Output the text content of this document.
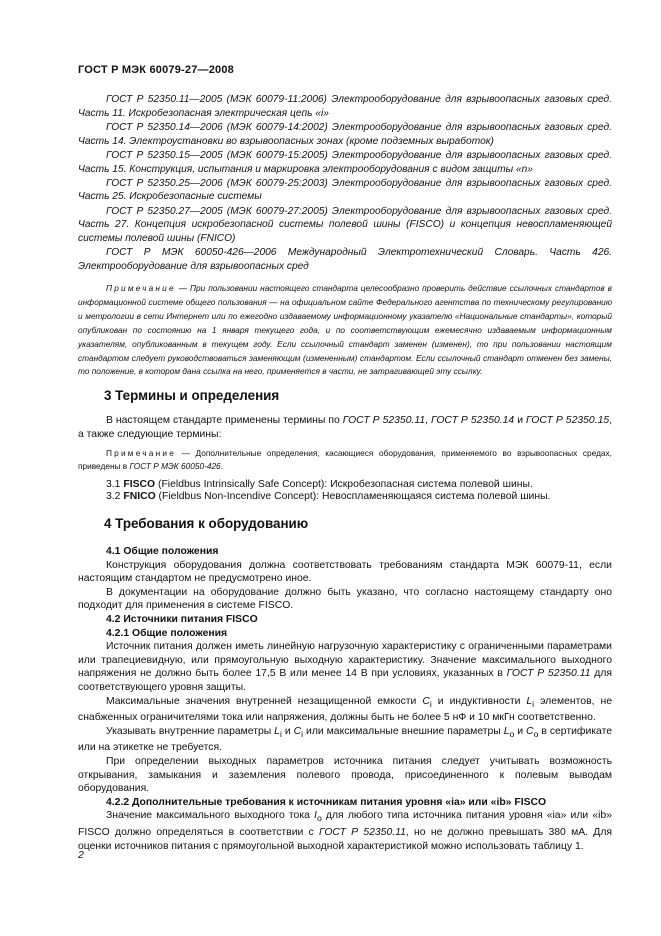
ГОСТ Р МЭК 60079-27—2008

ГОСТ Р 52350.11—2005 (МЭК 60079-11:2006) Электрооборудование для взрывоопасных газовых сред. Часть 11. Искробезопасная электрическая цепь «i»

ГОСТ Р 52350.14—2006 (МЭК 60079-14:2002) Электрооборудование для взрывоопасных газовых сред. Часть 14. Электроустановки во взрывоопасных зонах (кроме подземных выработок)

ГОСТ Р 52350.15—2005 (МЭК 60079-15:2005) Электрооборудование для взрывоопасных газовых сред. Часть 15. Конструкция, испытания и маркировка электрооборудования с видом защиты «n»

ГОСТ Р 52350.25—2006 (МЭК 60079-25:2003) Электрооборудование для взрывоопасных газовых сред. Часть 25. Искробезопасные системы

ГОСТ Р 52350.27—2005 (МЭК 60079-27:2005) Электрооборудование для взрывоопасных газовых сред. Часть 27. Концепция искробезопасной системы полевой шины (FISCO) и концепция невоспламеняющей системы полевой шины (FNICO)

ГОСТ Р МЭК 60050-426—2006 Международный Электротехнический Словарь. Часть 426. Электрооборудование для взрывоопасных сред

Примечание — При пользовании настоящего стандарта целесообразно проверить действие ссылочных стандартов в информационной системе общего пользования — на официальном сайте Федерального агентства по техническому регулированию и метрологии в сети Интернет или по ежегодно издаваемому информационному указателю «Национальные стандарты», который опубликован по состоянию на 1 января текущего года, и по соответствующим ежемесячно издаваемым информационным указателям, опубликованным в текущем году. Если ссылочный стандарт заменен (изменен), то при пользовании настоящим стандартом следует руководствоваться заменяющим (измененным) стандартом. Если ссылочный стандарт отменен без замены, то положение, в котором дана ссылка на него, применяется в части, не затрагивающей эту ссылку.
3 Термины и определения

В настоящем стандарте применены термины по ГОСТ Р 52350.11, ГОСТ Р 52350.14 и ГОСТ Р 52350.15, а также следующие термины:

Примечание — Дополнительные определения, касающиеся оборудования, применяемого во взрывоопасных средах, приведены в ГОСТ Р МЭК 60050-426.
3.1 FISCO (Fieldbus Intrinsically Safe Concept): Искробезопасная система полевой шины.
3.2 FNICO (Fieldbus Non-Incendive Concept): Невоспламеняющаяся система полевой шины.
4 Требования к оборудованию

4.1 Общие положения

Конструкция оборудования должна соответствовать требованиям стандарта МЭК 60079-11, если настоящим стандартом не предусмотрено иное.

В документации на оборудование должно быть указано, что согласно настоящему стандарту оно подходит для применения в системе FISCO.

4.2 Источники питания FISCO

4.2.1 Общие положения

Источник питания должен иметь линейную нагрузочную характеристику с ограниченными параметрами или трапециевидную, или прямоугольную выходную характеристику. Значение максимального выходного напряжения не должно быть более 17,5 В или менее 14 В при условиях, указанных в ГОСТ Р 52350.11 для соответствующего уровня защиты.

Максимальные значения внутренней незащищенной емкости $C_i$ и индуктивности $L_i$ элементов, не снабженных ограничителями тока или напряжения, должны быть не более 5 нФ и 10 мкГн соответственно.

Указывать внутренние параметры $L_i$ и $C_i$ или максимальные внешние параметры $L_o$ и $C_o$ в сертификате или на этикетке не требуется.

При определении выходных параметров источника питания следует учитывать возможность открывания, замыкания и заземления полевого провода, присоединенного к полевым выводам оборудования.

4.2.2 Дополнительные требования к источникам питания уровня «ia» или «ib» FISCO

Значение максимального выходного тока $I_o$ для любого типа источника питания уровня «ia» или «ib» FISCO должно определяться в соответствии с ГОСТ Р 52350.11, но не должно превышать 380 мА. Для оценки источников питания с прямоугольной выходной характеристикой можно использовать таблицу 1.

2
